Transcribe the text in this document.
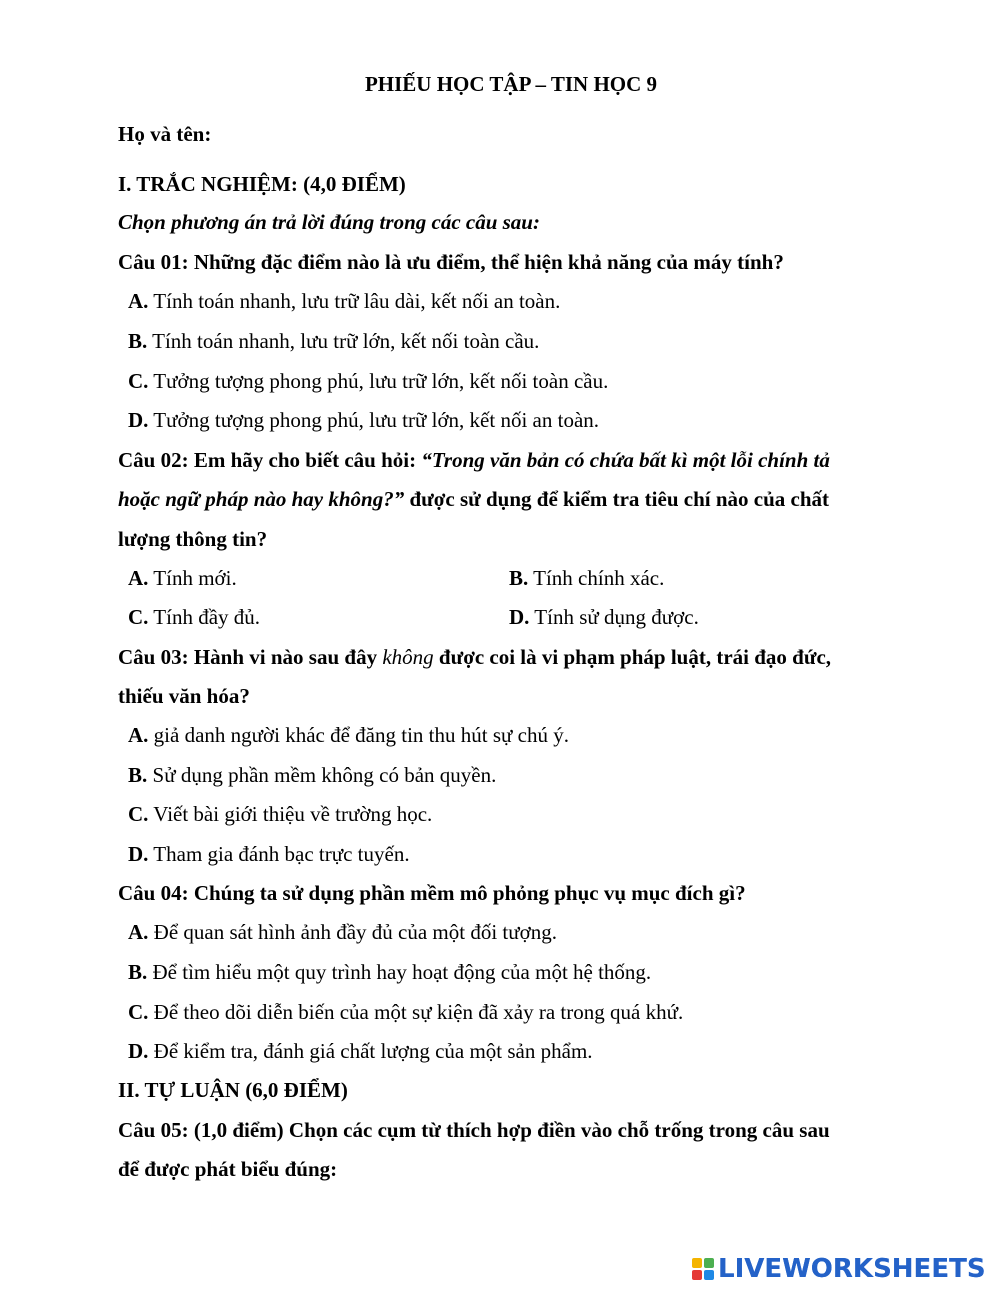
PHIẾU HỌC TẬP – TIN HỌC 9
Họ và tên:
I. TRẮC NGHIỆM: (4,0 ĐIỂM)
Chọn phương án trả lời đúng trong các câu sau:
Câu 01: Những đặc điểm nào là ưu điểm, thể hiện khả năng của máy tính?
A. Tính toán nhanh, lưu trữ lâu dài, kết nối an toàn.
B. Tính toán nhanh, lưu trữ lớn, kết nối toàn cầu.
C. Tưởng tượng phong phú, lưu trữ lớn, kết nối toàn cầu.
D. Tưởng tượng phong phú, lưu trữ lớn, kết nối an toàn.
Câu 02: Em hãy cho biết câu hỏi: “Trong văn bản có chứa bất kì một lỗi chính tả
hoặc ngữ pháp nào hay không?” được sử dụng để kiểm tra tiêu chí nào của chất
lượng thông tin?
A. Tính mới.	B. Tính chính xác.
C. Tính đầy đủ.	D. Tính sử dụng được.
Câu 03: Hành vi nào sau đây không được coi là vi phạm pháp luật, trái đạo đức,
thiếu văn hóa?
A. giả danh người khác để đăng tin thu hút sự chú ý.
B. Sử dụng phần mềm không có bản quyền.
C. Viết bài giới thiệu về trường học.
D. Tham gia đánh bạc trực tuyến.
Câu 04: Chúng ta sử dụng phần mềm mô phỏng phục vụ mục đích gì?
A. Để quan sát hình ảnh đầy đủ của một đối tượng.
B. Để tìm hiểu một quy trình hay hoạt động của một hệ thống.
C. Để theo dõi diễn biến của một sự kiện đã xảy ra trong quá khứ.
D. Để kiểm tra, đánh giá chất lượng của một sản phẩm.
II. TỰ LUẬN (6,0 ĐIỂM)
Câu 05: (1,0 điểm) Chọn các cụm từ thích hợp điền vào chỗ trống trong câu sau
để được phát biểu đúng:
LIVEWORKSHEETS
